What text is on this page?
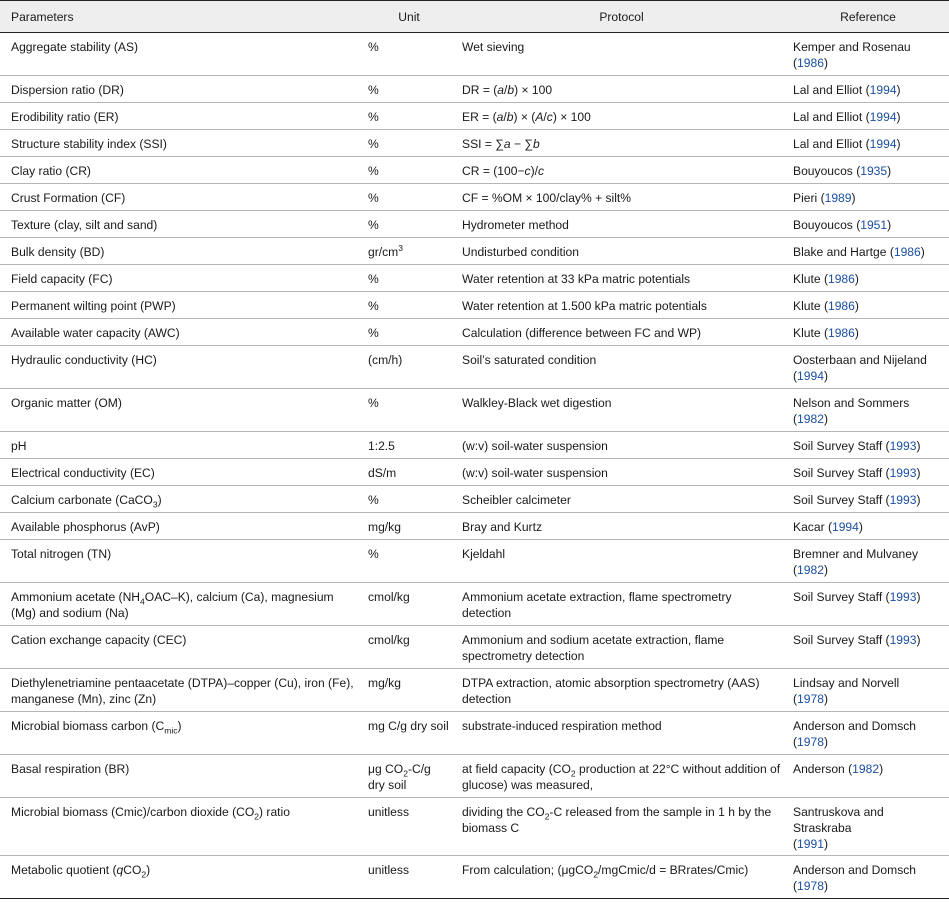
Parameters	Unit	Protocol	Reference
Aggregate stability (AS)	%	Wet sieving	Kemper and Rosenau
(1986)
Dispersion ratio (DR)	%	DR = (a/b) × 100	Lal and Elliot (1994)
Erodibility ratio (ER)	%	ER = (a/b) × (A/c) × 100	Lal and Elliot (1994)
Structure stability index (SSI)	%	SSI = ∑a − ∑b	Lal and Elliot (1994)
Clay ratio (CR)	%	CR = (100−c)/c	Bouyoucos (1935)
Crust Formation (CF)	%	CF = %OM × 100/clay% + silt%	Pieri (1989)
Texture (clay, silt and sand)	%	Hydrometer method	Bouyoucos (1951)
Bulk density (BD)	$gr/cm^3$	Undisturbed condition	Blake and Hartge (1986)
Field capacity (FC)	%	Water retention at 33 kPa matric potentials	Klute (1986)
Permanent wilting point (PWP)	%	Water retention at 1.500 kPa matric potentials	Klute (1986)
Available water capacity (AWC)	%	Calculation (difference between FC and WP)	Klute (1986)
Hydraulic conductivity (HC)	(cm/h)	Soil’s saturated condition	Oosterbaan and Nijeland
(1994)
Organic matter (OM)	%	Walkley-Black wet digestion	Nelson and Sommers
(1982)
pH	1:2.5	(w:v) soil-water suspension	Soil Survey Staff (1993)
Electrical conductivity (EC)	dS/m	(w:v) soil-water suspension	Soil Survey Staff (1993)
Calcium carbonate (CaCO$_3$)	%	Scheibler calcimeter	Soil Survey Staff (1993)
Available phosphorus (AvP)	mg/kg	Bray and Kurtz	Kacar (1994)
Total nitrogen (TN)	%	Kjeldahl	Bremner and Mulvaney
(1982)
Ammonium acetate $(NH_4OAC-K)$, calcium (Ca), magnesium (Mg) and sodium (Na)	cmol/kg	Ammonium acetate extraction, flame spectrometry detection	Soil Survey Staff (1993)
Cation exchange capacity (CEC)	cmol/kg	Ammonium and sodium acetate extraction, flame spectrometry detection	Soil Survey Staff (1993)
Diethylenetriamine pentaacetate (DTPA)–copper (Cu), iron (Fe), manganese (Mn), zinc (Zn)	mg/kg	DTPA extraction, atomic absorption spectrometry (AAS) detection	Lindsay and Norvell
(1978)
Microbial biomass carbon $(C_{mic})$	mg C/g dry soil	substrate-induced respiration method	Anderson and Domsch
(1978)
Basal respiration (BR)	μg $CO_2-C/g$ dry soil	at field capacity ($CO_2$ production at 22°C without addition of glucose) was measured,	Anderson (1982)
Microbial biomass (Cmic)/carbon dioxide $(CO_2)$ ratio	unitless	dividing the $CO_2-C$ released from the sample in 1 h by the biomass C	Santruskova and Straskraba
(1991)
Metabolic quotient (qCO$_2$)	unitless	From calculation; (μgCO$_2$/mgCmic/d = BRrates/Cmic)	Anderson and Domsch
(1978)
